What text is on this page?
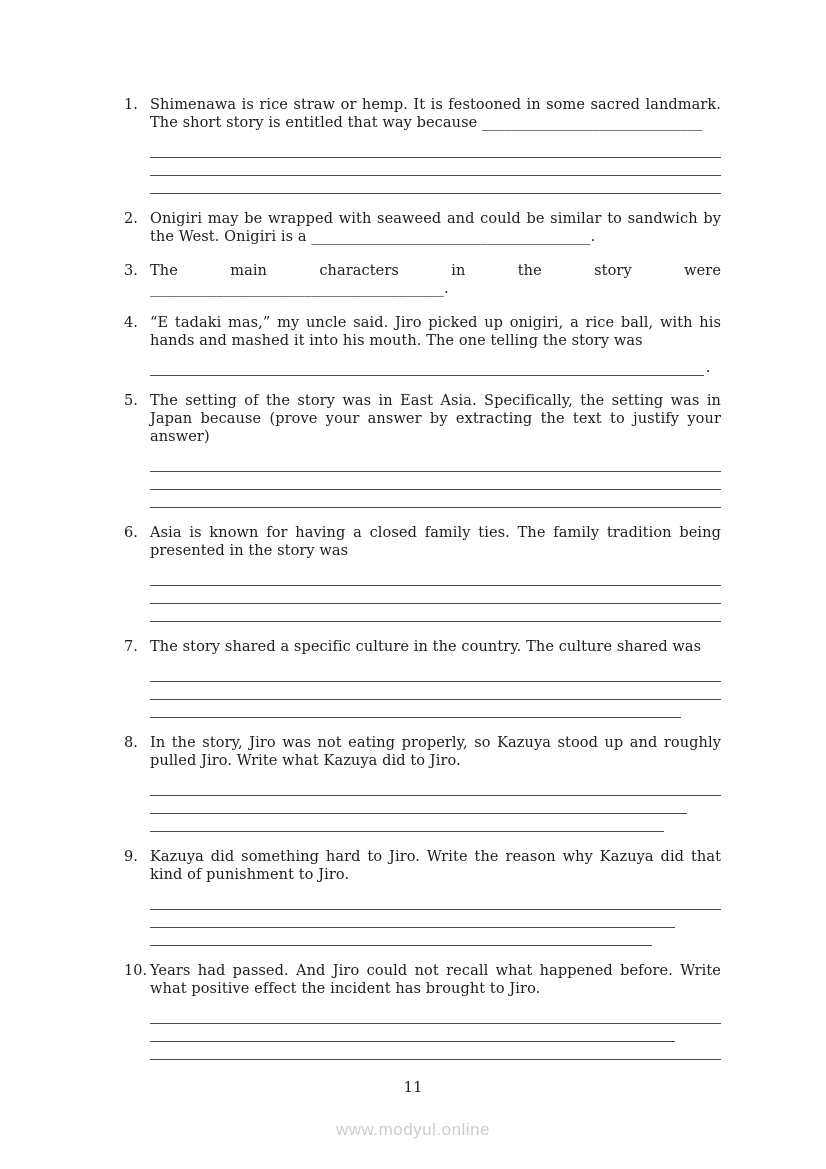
1. Shimenawa is rice straw or hemp. It is festooned in some sacred landmark. The short story is entitled that way because ______________________________
2. Onigiri may be wrapped with seaweed and could be similar to sandwich by the West. Onigiri is a ______________________________________.
3. The main characters in the story were ________________________________________.
4. “E tadaki mas,” my uncle said. Jiro picked up onigiri, a rice ball, with his hands and mashed it into his mouth. The one telling the story was
.
5. The setting of the story was in East Asia. Specifically, the setting was in Japan because (prove your answer by extracting the text to justify your answer)
6. Asia is known for having a closed family ties. The family tradition being presented in the story was
7. The story shared a specific culture in the country. The culture shared was
8. In the story, Jiro was not eating properly, so Kazuya stood up and roughly pulled Jiro. Write what Kazuya did to Jiro.
9. Kazuya did something hard to Jiro. Write the reason why Kazuya did that kind of punishment to Jiro.
10. Years had passed. And Jiro could not recall what happened before. Write what positive effect the incident has brought to Jiro.
11
www.modyul.online
